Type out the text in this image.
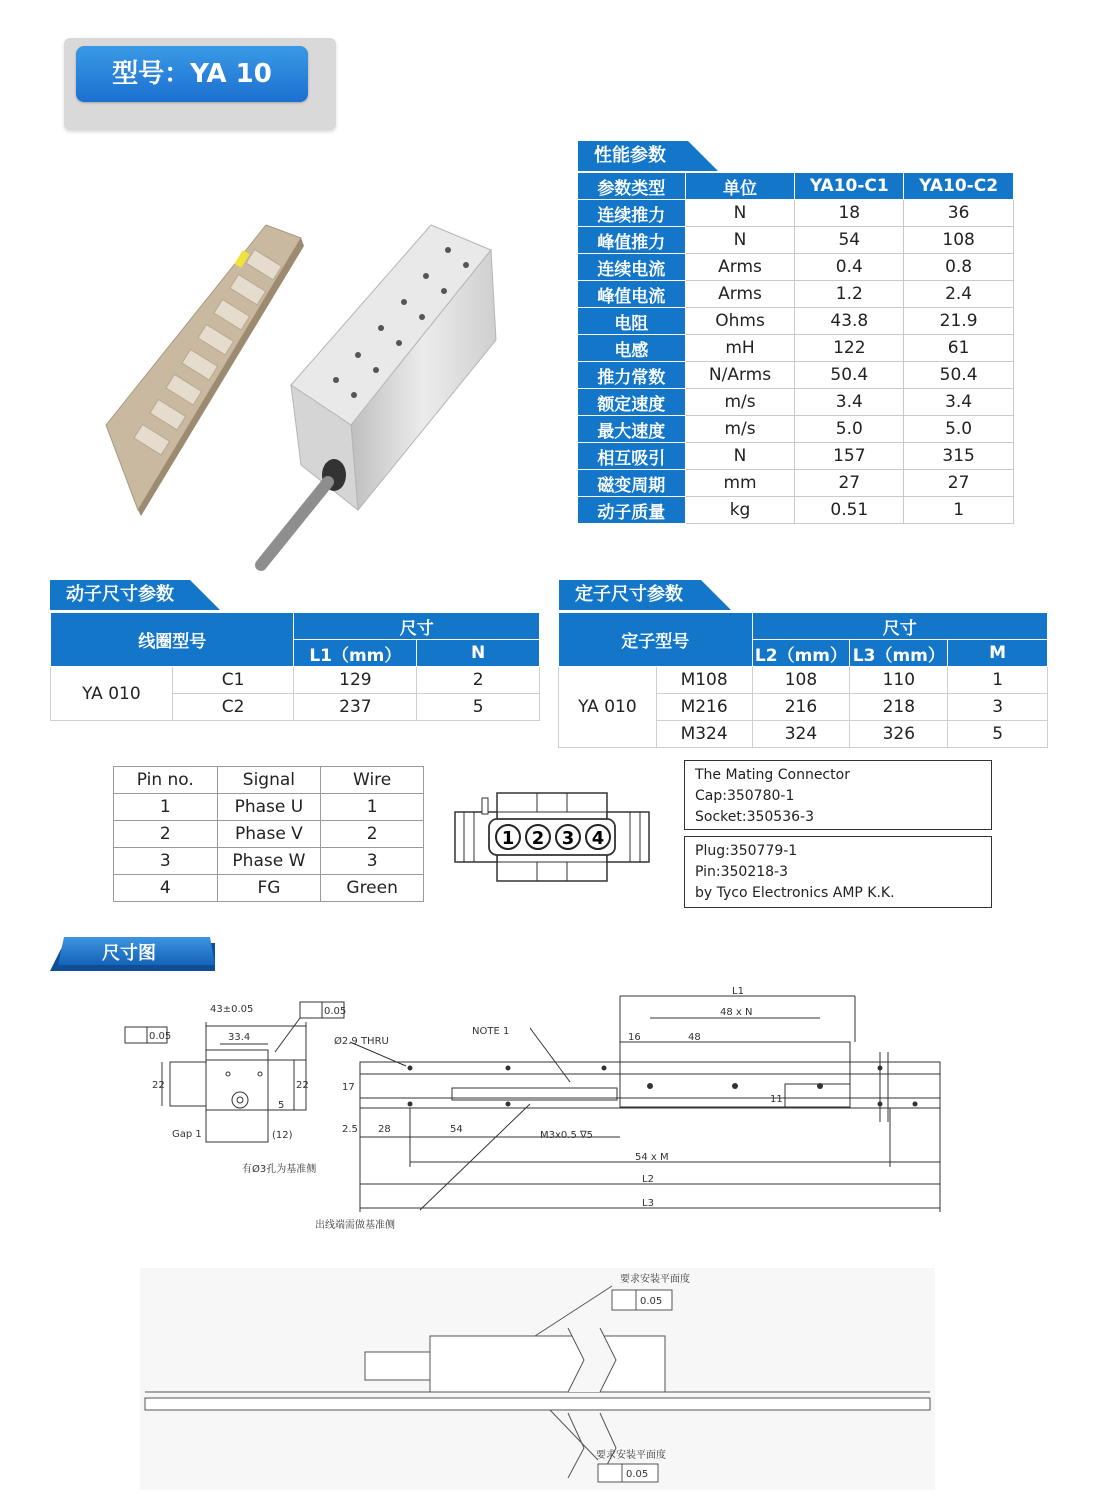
型号：YA 10
性能参数
参数类型	单位	YA10-C1	YA10-C2
连续推力	N	18	36
峰值推力	N	54	108
连续电流	Arms	0.4	0.8
峰值电流	Arms	1.2	2.4
电阻	Ohms	43.8	21.9
电感	mH	122	61
推力常数	N/Arms	50.4	50.4
额定速度	m/s	3.4	3.4
最大速度	m/s	5.0	5.0
相互吸引	N	157	315
磁变周期	mm	27	27
动子质量	kg	0.51	1
动子尺寸参数
线圈型号		尺寸	
		L1（mm）	N
YA 010	C1	129	2
	C2	237	5
定子尺寸参数
定子型号		尺寸		
		L2（mm）	L3（mm）	M
YA 010	M108	108	110	1
	M216	216	218	3
	M324	324	326	5
Pin no.	Signal	Wire
1	Phase U	1
2	Phase V	2
3	Phase W	3
4	FG	Green
1 2 3 4
The Mating Connector
Cap:350780-1
Socket:350536-3
Plug:350779-1
Pin:350218-3
by Tyco Electronics AMP K.K.
尺寸图
43±0.05
33.4
0.05
0.05
22	22
5
(12)
Gap 1
有Ø3孔为基准侧
L1
48 x N
16	48
Ø2.9 THRU
NOTE 1
17
11
2.5 28	54
M3x0.5 ∇5
54 x M
L2
L3
出线端需做基准侧
要求安装平面度
要求安装平面度
0.05
0.05
